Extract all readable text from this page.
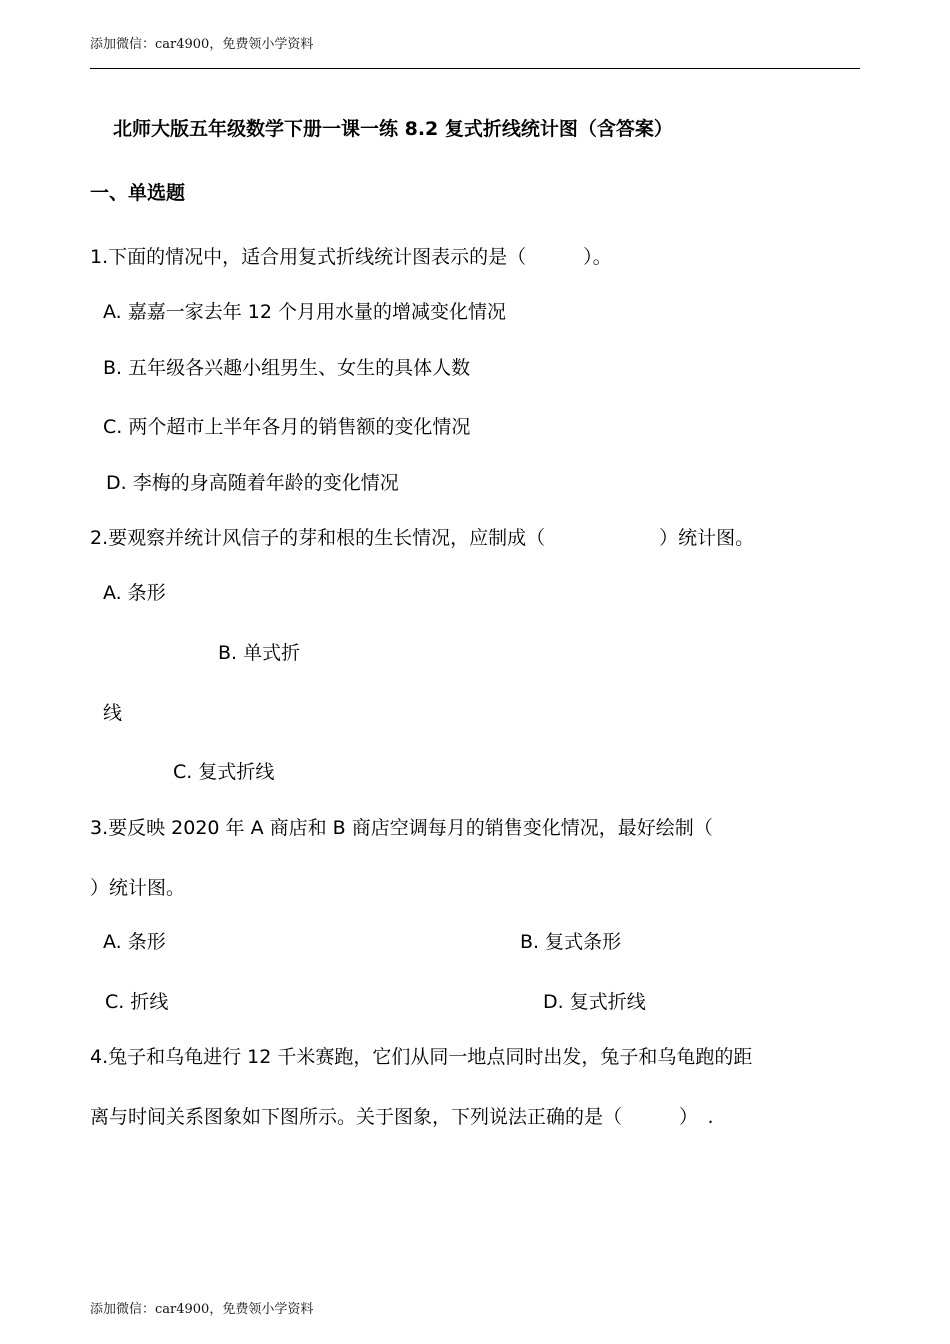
添加微信：car4900，免费领小学资料
北师大版五年级数学下册一课一练 8.2 复式折线统计图（含答案）
一、单选题
1.下面的情况中，适合用复式折线统计图表示的是（　　　）。
A. 嘉嘉一家去年 12 个月用水量的增减变化情况
B. 五年级各兴趣小组男生、女生的具体人数
C. 两个超市上半年各月的销售额的变化情况
D. 李梅的身高随着年龄的变化情况
2.要观察并统计风信子的芽和根的生长情况，应制成（　　　　　　）统计图。
A. 条形
B. 单式折
线
C. 复式折线
3.要反映 2020 年 A 商店和 B 商店空调每月的销售变化情况，最好绘制（
）统计图。
A. 条形	B. 复式条形
C. 折线	D. 复式折线
4.兔子和乌龟进行 12 千米赛跑，它们从同一地点同时出发，兔子和乌龟跑的距
离与时间关系图象如下图所示。关于图象，下列说法正确的是（　　　）　.
添加微信：car4900，免费领小学资料
